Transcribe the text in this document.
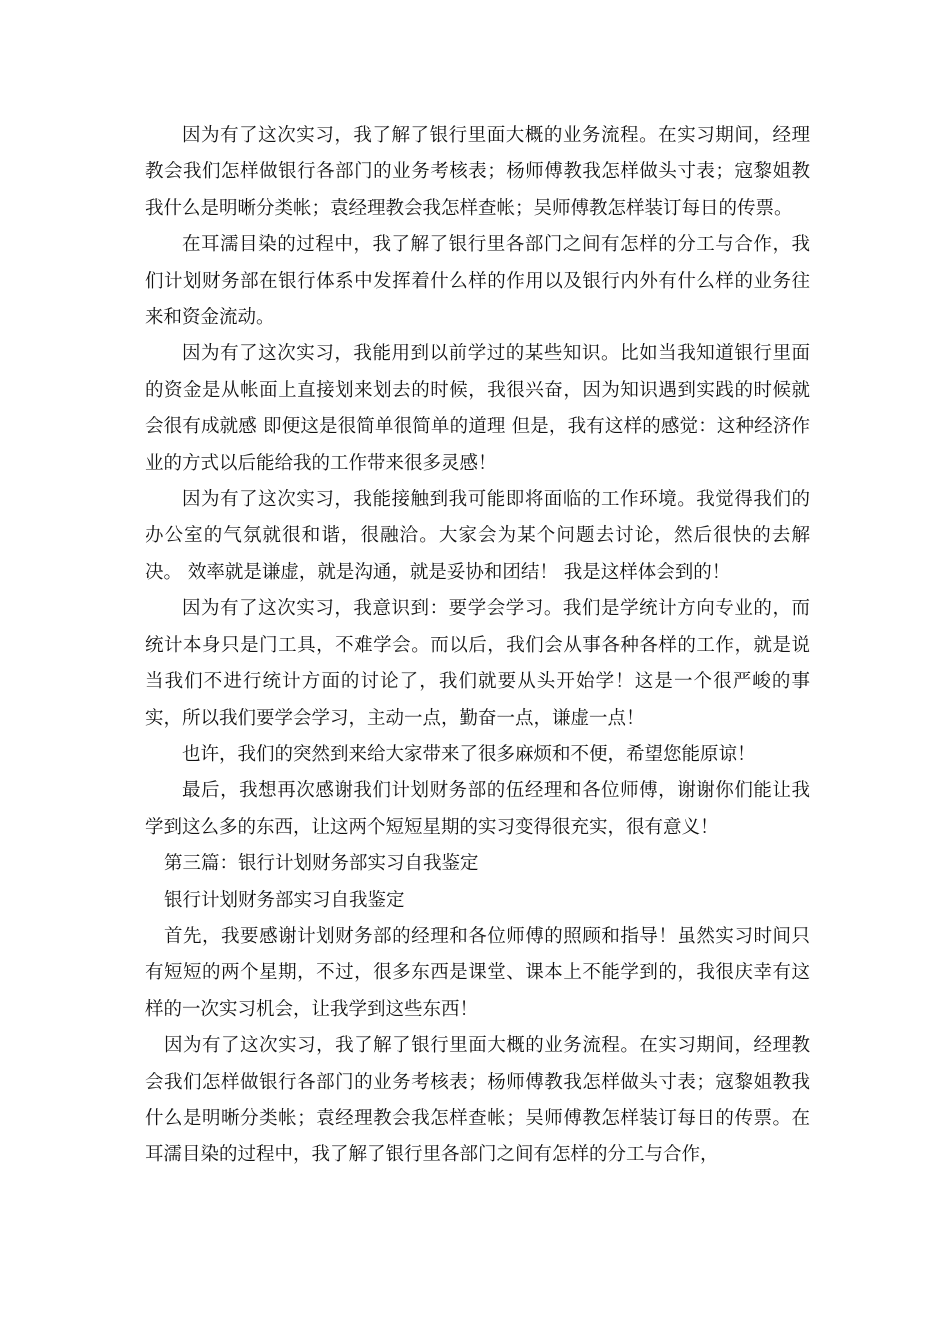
因为有了这次实习，我了解了银行里面大概的业务流程。在实习期间，经理教会我们怎样做银行各部门的业务考核表；杨师傅教我怎样做头寸表；寇黎姐教我什么是明晰分类帐；袁经理教会我怎样查帐；吴师傅教怎样装订每日的传票。

在耳濡目染的过程中，我了解了银行里各部门之间有怎样的分工与合作，我们计划财务部在银行体系中发挥着什么样的作用以及银行内外有什么样的业务往来和资金流动。

因为有了这次实习，我能用到以前学过的某些知识。比如当我知道银行里面的资金是从帐面上直接划来划去的时候，我很兴奋，因为知识遇到实践的时候就会很有成就感 即便这是很简单很简单的道理 但是，我有这样的感觉：这种经济作业的方式以后能给我的工作带来很多灵感！

因为有了这次实习，我能接触到我可能即将面临的工作环境。我觉得我们的办公室的气氛就很和谐，很融洽。大家会为某个问题去讨论，然后很快的去解决。 效率就是谦虚，就是沟通，就是妥协和团结！ 我是这样体会到的！

因为有了这次实习，我意识到：要学会学习。我们是学统计方向专业的，而统计本身只是门工具，不难学会。而以后，我们会从事各种各样的工作，就是说当我们不进行统计方面的讨论了，我们就要从头开始学！这是一个很严峻的事实，所以我们要学会学习，主动一点，勤奋一点，谦虚一点！

也许，我们的突然到来给大家带来了很多麻烦和不便，希望您能原谅！

最后，我想再次感谢我们计划财务部的伍经理和各位师傅，谢谢你们能让我学到这么多的东西，让这两个短短星期的实习变得很充实，很有意义！

第三篇：银行计划财务部实习自我鉴定

银行计划财务部实习自我鉴定

首先，我要感谢计划财务部的经理和各位师傅的照顾和指导！虽然实习时间只有短短的两个星期，不过，很多东西是课堂、课本上不能学到的，我很庆幸有这样的一次实习机会，让我学到这些东西！

因为有了这次实习，我了解了银行里面大概的业务流程。在实习期间，经理教会我们怎样做银行各部门的业务考核表；杨师傅教我怎样做头寸表；寇黎姐教我什么是明晰分类帐；袁经理教会我怎样查帐；吴师傅教怎样装订每日的传票。在耳濡目染的过程中，我了解了银行里各部门之间有怎样的分工与合作，
